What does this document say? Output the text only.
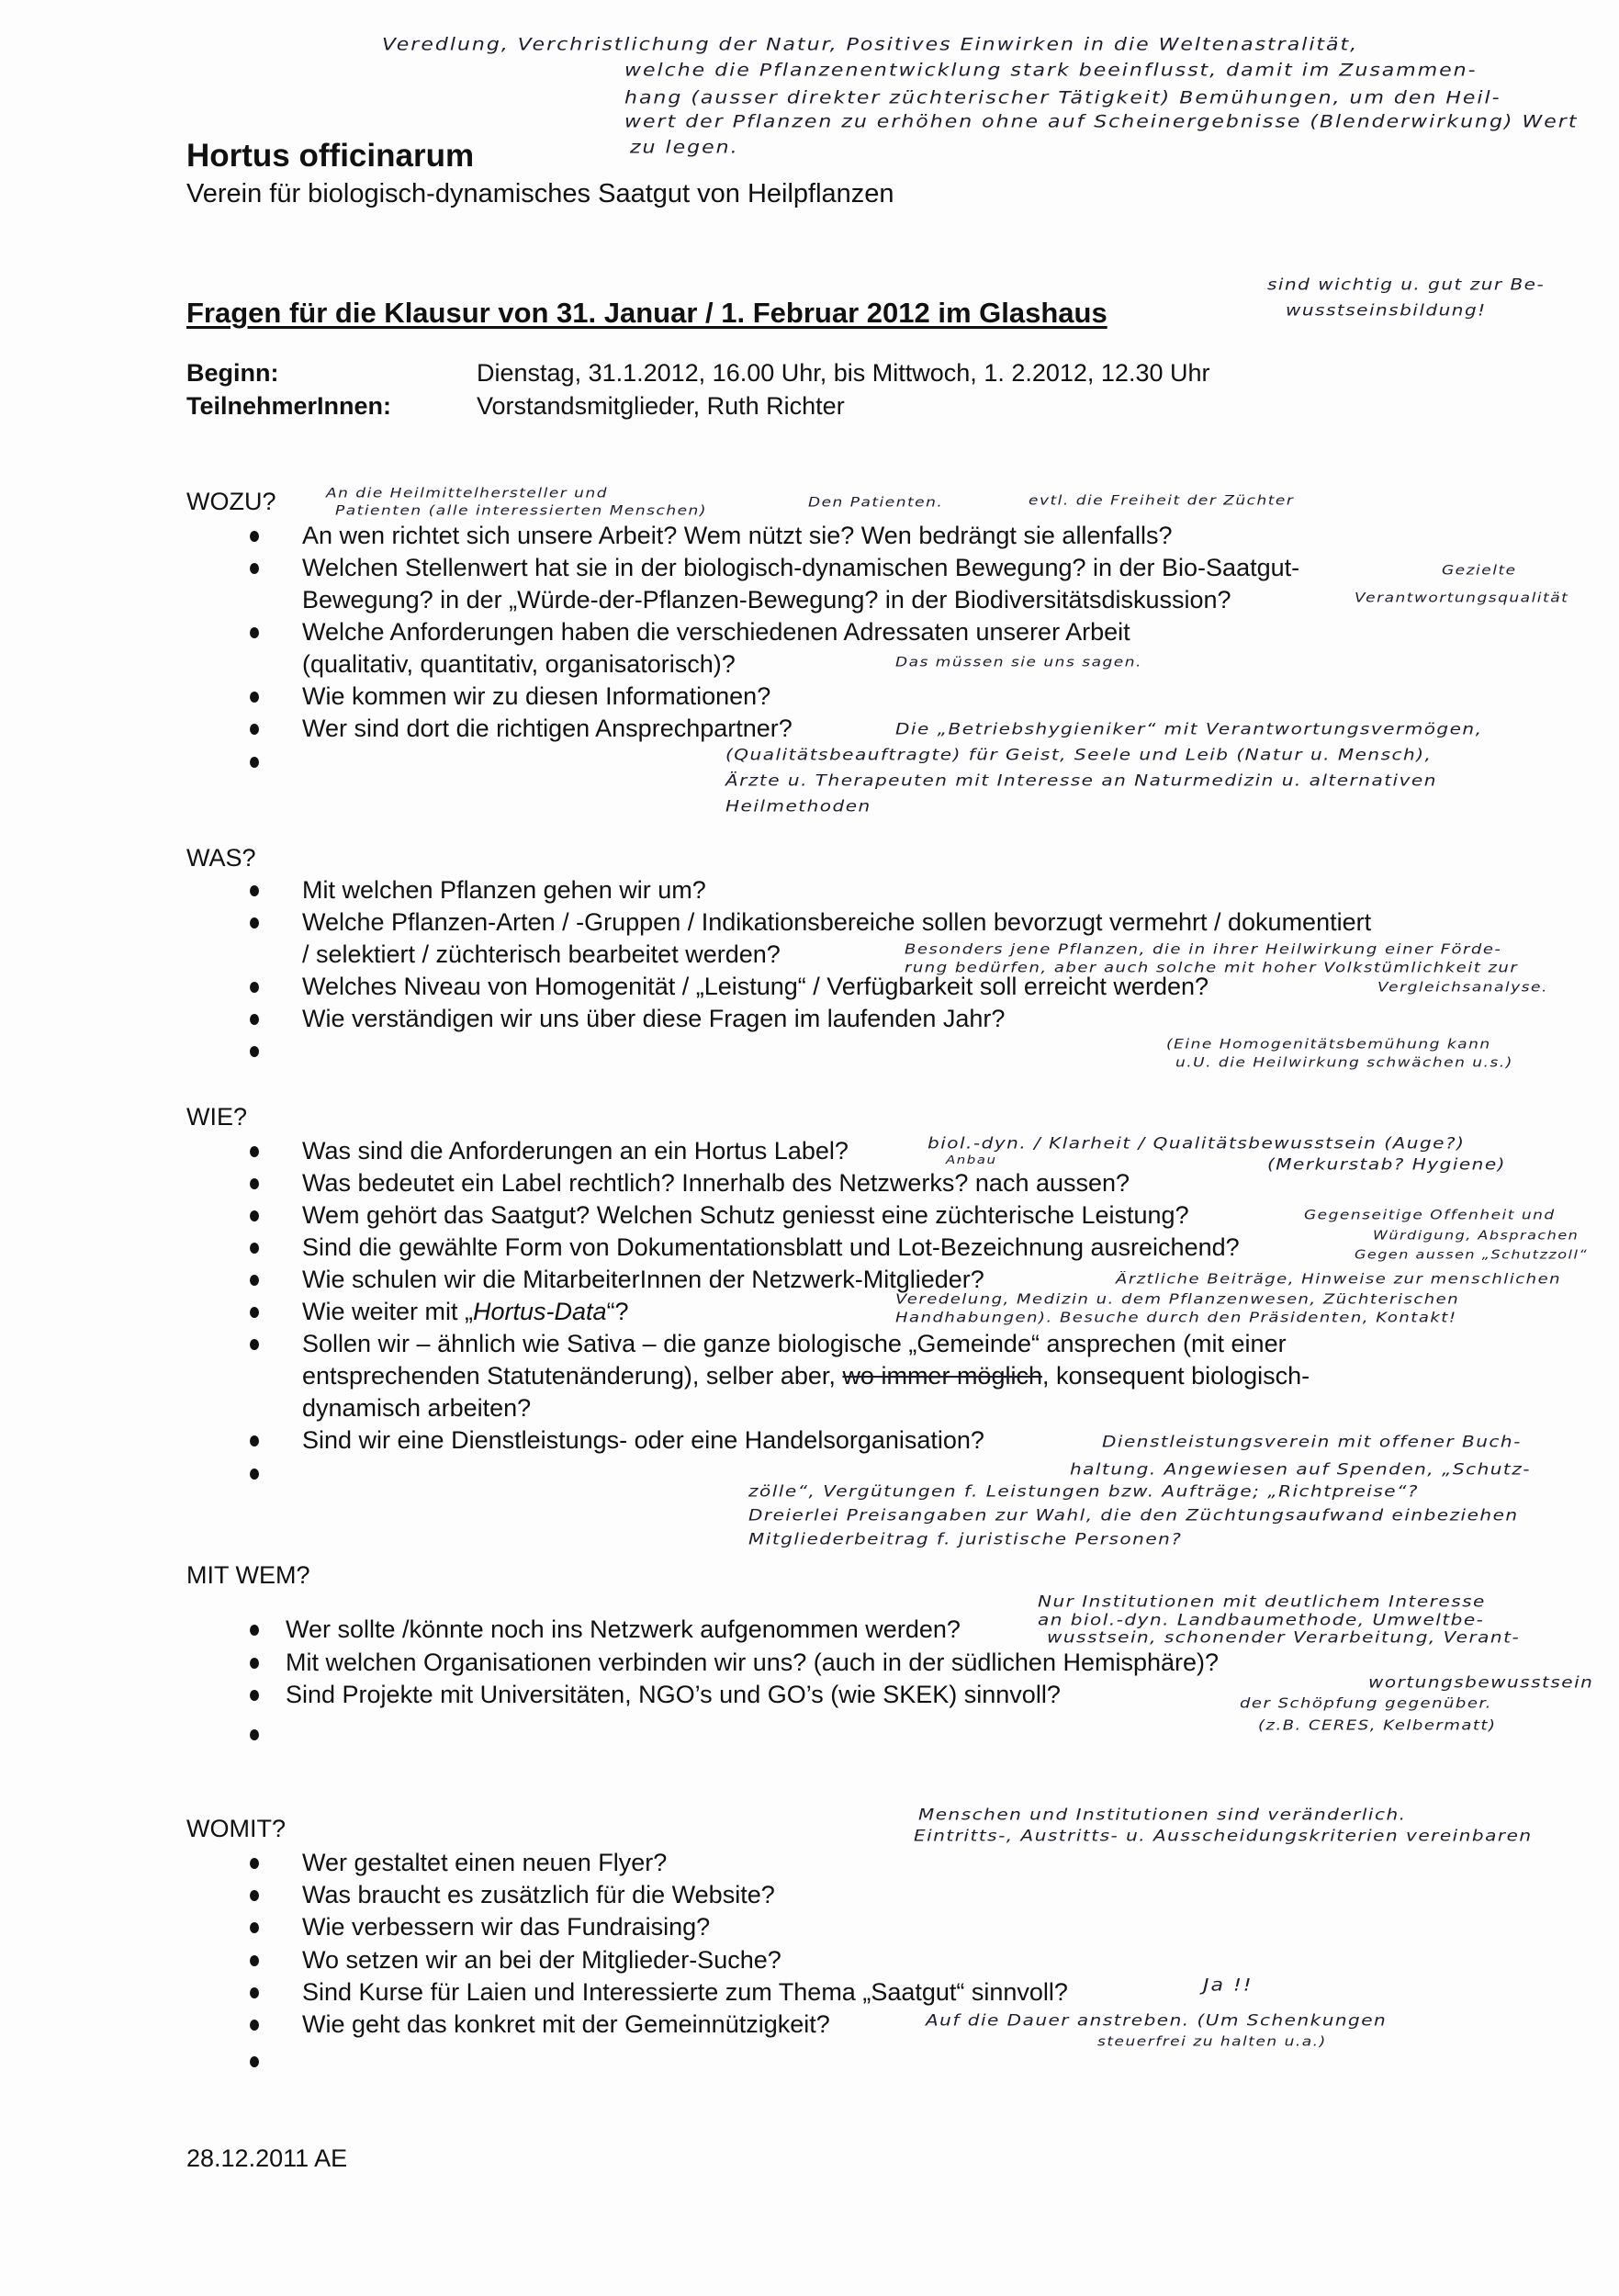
Hortus officinarum
Verein für biologisch-dynamisches Saatgut von Heilpflanzen
Fragen für die Klausur von 31. Januar / 1. Februar 2012 im Glashaus
Beginn:	Dienstag, 31.1.2012, 16.00 Uhr, bis Mittwoch, 1. 2.2012, 12.30 Uhr
TeilnehmerInnen:	Vorstandsmitglieder, Ruth Richter
WOZU?
An wen richtet sich unsere Arbeit? Wem nützt sie? Wen bedrängt sie allenfalls?
Welchen Stellenwert hat sie in der biologisch-dynamischen Bewegung? in der Bio-Saatgut-
Bewegung? in der „Würde-der-Pflanzen-Bewegung? in der Biodiversitätsdiskussion?
Welche Anforderungen haben die verschiedenen Adressaten unserer Arbeit
(qualitativ, quantitativ, organisatorisch)?
Wie kommen wir zu diesen Informationen?
Wer sind dort die richtigen Ansprechpartner?
WAS?
Mit welchen Pflanzen gehen wir um?
Welche Pflanzen-Arten / -Gruppen / Indikationsbereiche sollen bevorzugt vermehrt / dokumentiert
/ selektiert / züchterisch bearbeitet werden?
Welches Niveau von Homogenität / „Leistung“ / Verfügbarkeit soll erreicht werden?
Wie verständigen wir uns über diese Fragen im laufenden Jahr?
WIE?
Was sind die Anforderungen an ein Hortus Label?
Was bedeutet ein Label rechtlich? Innerhalb des Netzwerks? nach aussen?
Wem gehört das Saatgut? Welchen Schutz geniesst eine züchterische Leistung?
Sind die gewählte Form von Dokumentationsblatt und Lot-Bezeichnung ausreichend?
Wie schulen wir die MitarbeiterInnen der Netzwerk-Mitglieder?
Wie weiter mit „Hortus-Data“?
Sollen wir – ähnlich wie Sativa – die ganze biologische „Gemeinde“ ansprechen (mit einer
entsprechenden Statutenänderung), selber aber, wo immer möglich, konsequent biologisch-
dynamisch arbeiten?
Sind wir eine Dienstleistungs- oder eine Handelsorganisation?
MIT WEM?
Wer sollte /könnte noch ins Netzwerk aufgenommen werden?
Mit welchen Organisationen verbinden wir uns? (auch in der südlichen Hemisphäre)?
Sind Projekte mit Universitäten, NGO’s und GO’s (wie SKEK) sinnvoll?
WOMIT?
Wer gestaltet einen neuen Flyer?
Was braucht es zusätzlich für die Website?
Wie verbessern wir das Fundraising?
Wo setzen wir an bei der Mitglieder-Suche?
Sind Kurse für Laien und Interessierte zum Thema „Saatgut“ sinnvoll?
Wie geht das konkret mit der Gemeinnützigkeit?
28.12.2011 AE
Veredlung, Verchristlichung der Natur, Positives Einwirken in die Weltenastralität,
welche die Pflanzenentwicklung stark beeinflusst, damit im Zusammen-
hang (ausser direkter züchterischer Tätigkeit) Bemühungen, um den Heil-
wert der Pflanzen zu erhöhen ohne auf Scheinergebnisse (Blenderwirkung) Wert
zu legen.
sind wichtig u. gut zur Be-
wusstseinsbildung!
An die Heilmittelhersteller und
Patienten (alle interessierten Menschen)
Den Patienten.	evtl. die Freiheit der Züchter
Gezielte
Verantwortungsqualität
Das müssen sie uns sagen.
Die „Betriebshygieniker“ mit Verantwortungsvermögen,
(Qualitätsbeauftragte) für Geist, Seele und Leib (Natur u. Mensch),
Ärzte u. Therapeuten mit Interesse an Naturmedizin u. alternativen
Heilmethoden
Besonders jene Pflanzen, die in ihrer Heilwirkung einer Förde-
rung bedürfen, aber auch solche mit hoher Volkstümlichkeit zur
Vergleichsanalyse.
(Eine Homogenitätsbemühung kann
u.U. die Heilwirkung schwächen u.s.)
biol.-dyn. / Klarheit / Qualitätsbewusstsein (Auge?)
Anbau	(Merkurstab? Hygiene)
Gegenseitige Offenheit und
Würdigung, Absprachen
Gegen aussen „Schutzzoll“
Ärztliche Beiträge, Hinweise zur menschlichen
Veredelung, Medizin u. dem Pflanzenwesen, Züchterischen
Handhabungen). Besuche durch den Präsidenten, Kontakt!
Dienstleistungsverein mit offener Buch-
haltung. Angewiesen auf Spenden, „Schutz-
zölle“, Vergütungen f. Leistungen bzw. Aufträge; „Richtpreise“?
Dreierlei Preisangaben zur Wahl, die den Züchtungsaufwand einbeziehen
Mitgliederbeitrag f. juristische Personen?
Nur Institutionen mit deutlichem Interesse
an biol.-dyn. Landbaumethode, Umweltbe-
wusstsein, schonender Verarbeitung, Verant-
wortungsbewusstsein
der Schöpfung gegenüber.
(z.B. CERES, Kelbermatt)
Menschen und Institutionen sind veränderlich.
Eintritts-, Austritts- u. Ausscheidungskriterien vereinbaren
Ja !!
Auf die Dauer anstreben. (Um Schenkungen
steuerfrei zu halten u.a.)
